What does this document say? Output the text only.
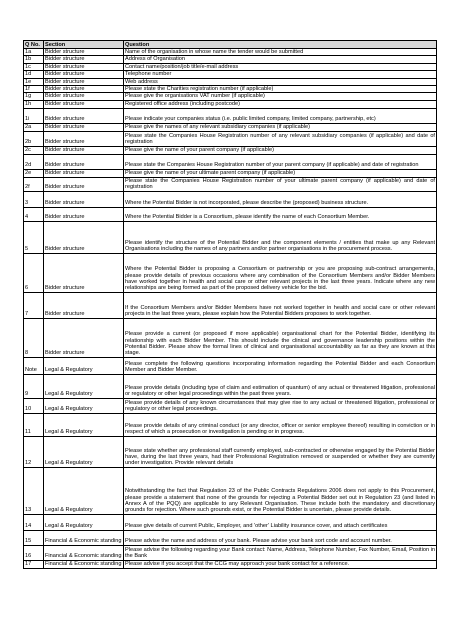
Q No.	Section	Question
1a	Bidder structure	Name of the organisation in whose name the tender would be submitted
1b	Bidder structure	Address of Organisation
1c	Bidder structure	Contact name/position/job title/e-mail address
1d	Bidder structure	Telephone number
1e	Bidder structure	Web address
1f	Bidder structure	Please state the Charities registration number (if applicable)
1g	Bidder structure	Please give the organisations VAT number (if applicable)
1h	Bidder structure	Registered office address (including postcode)
1i	Bidder structure	Please indicate your companies status (i.e. public limited company, limited company, partnership, etc)
2a	Bidder structure	Please give the names of any relevant subsidiary companies (if applicable)
2b	Bidder structure	Please state the Companies House Registration number of any relevant subsidiary companies (if applicable) and date of registration
2c	Bidder structure	Please give the name of your parent company (if applicable)
2d	Bidder structure	Please state the Companies House Registration number of your parent company (if applicable) and date of registration
2e	Bidder structure	Please give the name of your ultimate parent company (if applicable)
2f	Bidder structure	Please state the Companies House Registration number of your ultimate parent company (if applicable) and date of registration
3	Bidder structure	Where the Potential Bidder is not incorporated, please describe the (proposed) business structure.
4	Bidder structure	Where the Potential Bidder is a Consortium, please identify the name of each Consortium Member.
5	Bidder structure	Please identify the structure of the Potential Bidder and the component elements / entities that make up any Relevant Organisations including the names of any partners and/or partner organisations in the procurement process.
6	Bidder structure	Where the Potential Bidder is proposing a Consortium or partnership or you are proposing sub-contract arrangements, please provide details of previous occasions where any combination of the Consortium Members and/or Bidder Members have worked together in health and social care or other relevant projects in the last three years. Indicate where any new relationships are being formed as part of the proposed delivery vehicle for the bid.
7	Bidder structure	If the Consortium Members and/or Bidder Members have not worked together in health and social care or other relevant projects in the last three years, please explain how the Potential Bidders proposes to work together.
8	Bidder structure	Please provide a current (or proposed if more applicable) organisational chart for the Potential Bidder, identifying its relationship with each Bidder Member. This should include the clinical and governance leadership positions within the Potential Bidder. Please show the formal lines of clinical and organisational accountability as far as they are known at this stage.
Note	Legal & Regulatory	Please complete the following questions incorporating information regarding the Potential Bidder and each Consortium Member and Bidder Member.
9	Legal & Regulatory	Please provide details (including type of claim and estimation of quantum) of any actual or threatened litigation, professional or regulatory or other legal proceedings within the past three years.
10	Legal & Regulatory	Please provide details of any known circumstances that may give rise to any actual or threatened litigation, professional or regulatory or other legal proceedings.
11	Legal & Regulatory	Please provide details of any criminal conduct (or any director, officer or senior employee thereof) resulting in conviction or in respect of which a prosecution or investigation is pending or in progress.
12	Legal & Regulatory	Please state whether any professional staff currently employed, sub-contracted or otherwise engaged by the Potential Bidder have, during the last three years, had their Professional Registration removed or suspended or whether they are currently under investigation. Provide relevant details
13	Legal & Regulatory	Notwithstanding the fact that Regulation 23 of the Public Contracts Regulations 2006 does not apply to this Procurement, please provide a statement that none of the grounds for rejecting a Potential Bidder set out in Regulation 23 (and listed in Annex A of the PQQ) are applicable to any Relevant Organisation. These include both the mandatory and discretionary grounds for rejection. Where such grounds exist, or the Potential Bidder is uncertain, please provide details.
14	Legal & Regulatory	Please give details of current Public, Employer, and 'other' Liability insurance cover, and attach certificates
15	Financial & Economic standing	Please advise the name and address of your bank. Please advise your bank sort code and account number.
16	Financial & Economic standing	Please advise the following regarding your Bank contact: Name, Address, Telephone Number, Fax Number, Email, Position in the Bank
17	Financial & Economic standing	Please advise if you accept that the CCG may approach your bank contact for a reference.
